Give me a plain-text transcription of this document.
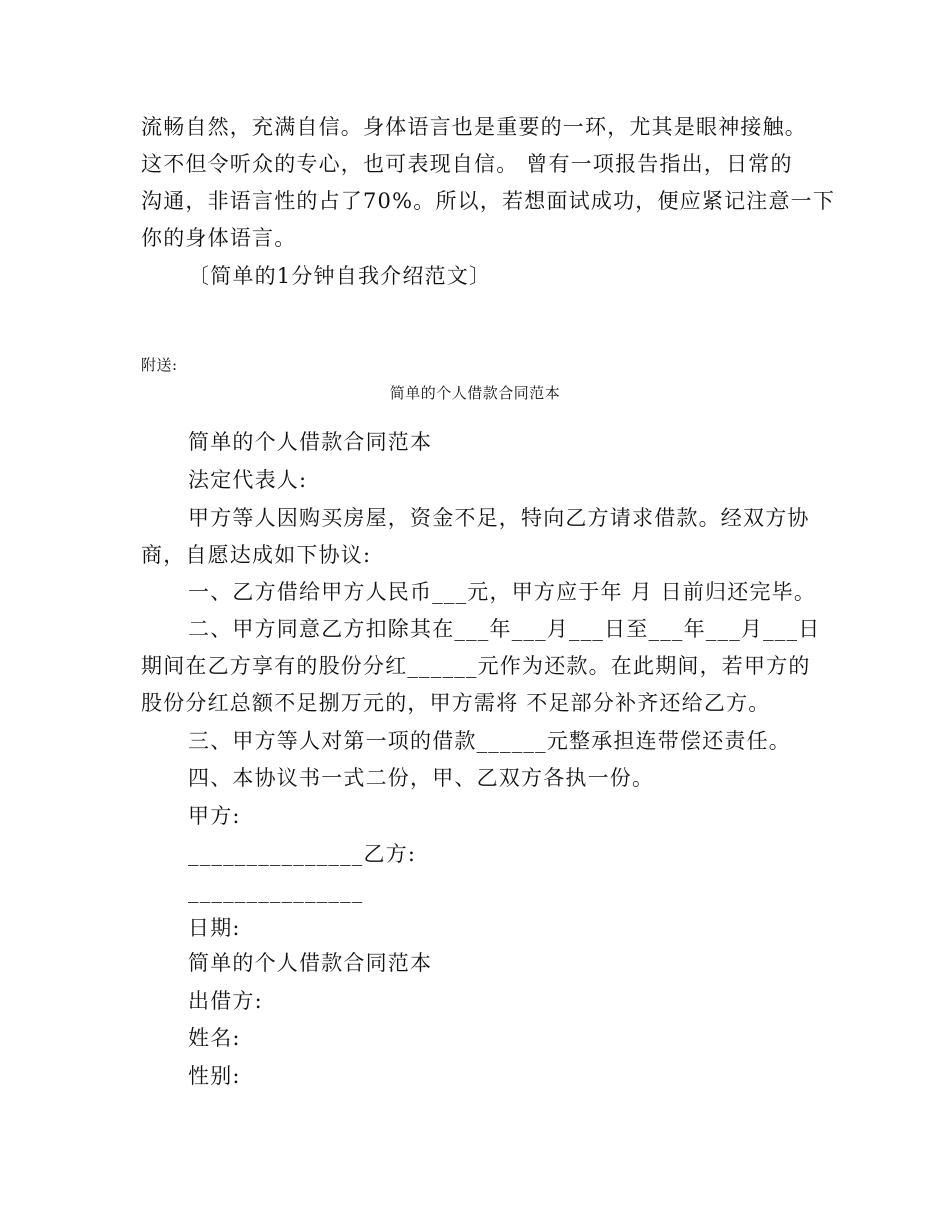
流畅自然，充满自信。身体语言也是重要的一环，尤其是眼神接触。
这不但令听众的专心，也可表现自信。 曾有一项报告指出，日常的
沟通，非语言性的占了70%。所以，若想面试成功，便应紧记注意一下
你的身体语言。
〔简单的1分钟自我介绍范文〕
附送:
简单的个人借款合同范本
简单的个人借款合同范本
法定代表人:
甲方等人因购买房屋，资金不足，特向乙方请求借款。经双方协
商，自愿达成如下协议:
一、乙方借给甲方人民币___元，甲方应于年 月 日前归还完毕。
二、甲方同意乙方扣除其在___年___月___日至___年___月___日
期间在乙方享有的股份分红______元作为还款。在此期间，若甲方的
股份分红总额不足捌万元的，甲方需将 不足部分补齐还给乙方。
三、甲方等人对第一项的借款______元整承担连带偿还责任。
四、本协议书一式二份，甲、乙双方各执一份。
甲方:
_______________乙方:
_______________
日期:
简单的个人借款合同范本
出借方:
姓名:
性别:
